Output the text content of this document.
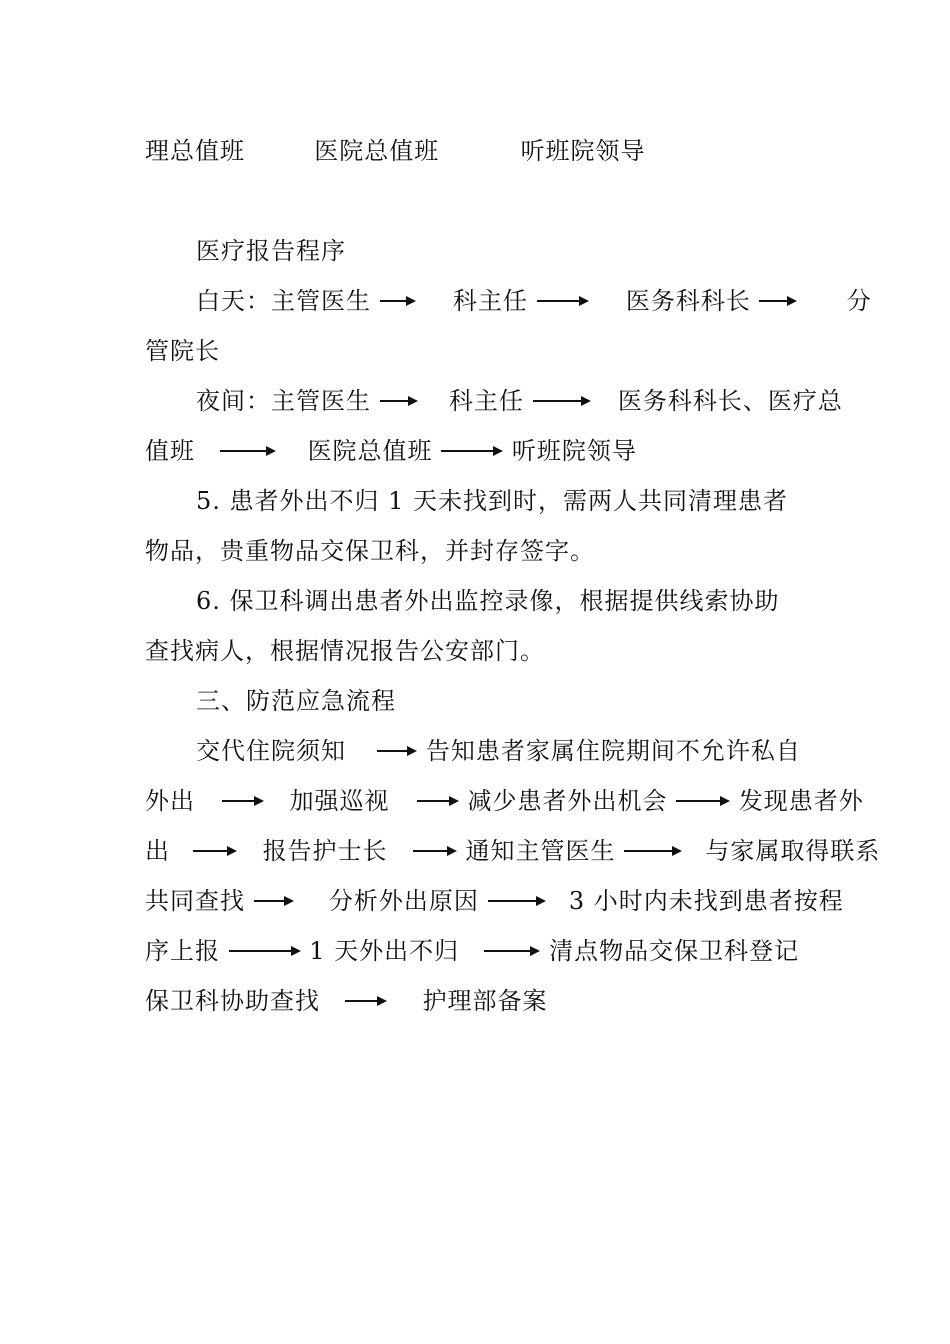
理总值班	医院总值班	听班院领导
医疗报告程序
白天：主管医生	科主任	医务科科长	分
管院长
夜间：主管医生	科主任	医务科科长、医疗总
值班	医院总值班	听班院领导
5. 患者外出不归 1 天未找到时，需两人共同清理患者
物品，贵重物品交保卫科，并封存签字。
6. 保卫科调出患者外出监控录像，根据提供线索协助
查找病人，根据情况报告公安部门。
三、防范应急流程
交代住院须知	告知患者家属住院期间不允许私自
外出	加强巡视	减少患者外出机会	发现患者外
出	报告护士长	通知主管医生	与家属取得联系
共同查找	分析外出原因	3 小时内未找到患者按程
序上报	1 天外出不归	清点物品交保卫科登记
保卫科协助查找	护理部备案
